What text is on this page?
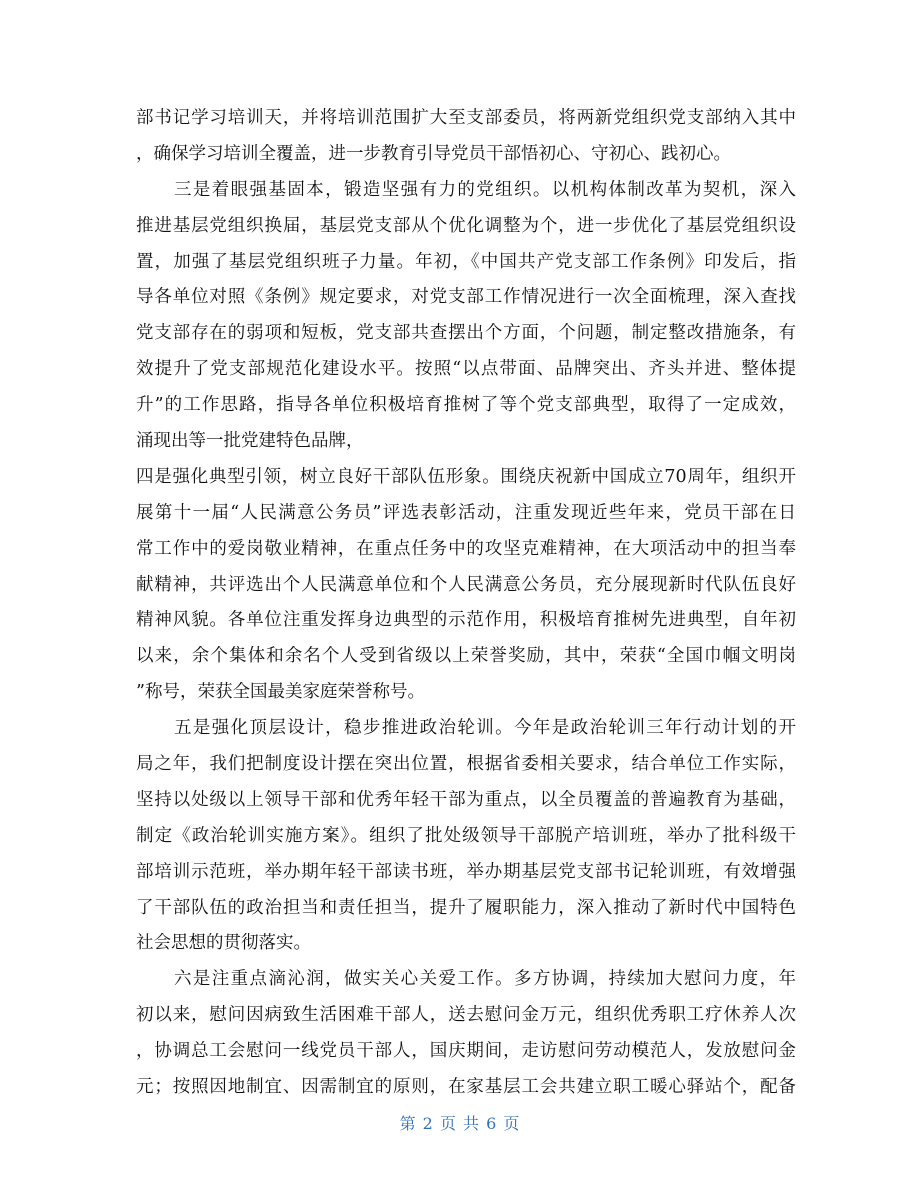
部书记学习培训天，并将培训范围扩大至支部委员，将两新党组织党支部纳入其中
，确保学习培训全覆盖，进一步教育引导党员干部悟初心、守初心、践初心。
三是着眼强基固本，锻造坚强有力的党组织。以机构体制改革为契机，深入
推进基层党组织换届，基层党支部从个优化调整为个，进一步优化了基层党组织设
置，加强了基层党组织班子力量。年初，《中国共产党支部工作条例》印发后，指
导各单位对照《条例》规定要求，对党支部工作情况进行一次全面梳理，深入查找
党支部存在的弱项和短板，党支部共查摆出个方面，个问题，制定整改措施条，有
效提升了党支部规范化建设水平。按照“以点带面、品牌突出、齐头并进、整体提
升”的工作思路，指导各单位积极培育推树了等个党支部典型，取得了一定成效，
涌现出等一批党建特色品牌，
四是强化典型引领，树立良好干部队伍形象。围绕庆祝新中国成立70周年，组织开
展第十一届“人民满意公务员”评选表彰活动，注重发现近些年来，党员干部在日
常工作中的爱岗敬业精神，在重点任务中的攻坚克难精神，在大项活动中的担当奉
献精神，共评选出个人民满意单位和个人民满意公务员，充分展现新时代队伍良好
精神风貌。各单位注重发挥身边典型的示范作用，积极培育推树先进典型，自年初
以来，余个集体和余名个人受到省级以上荣誉奖励，其中，荣获“全国巾帼文明岗
”称号，荣获全国最美家庭荣誉称号。
五是强化顶层设计，稳步推进政治轮训。今年是政治轮训三年行动计划的开
局之年，我们把制度设计摆在突出位置，根据省委相关要求，结合单位工作实际，
坚持以处级以上领导干部和优秀年轻干部为重点，以全员覆盖的普遍教育为基础，
制定《政治轮训实施方案》。组织了批处级领导干部脱产培训班，举办了批科级干
部培训示范班，举办期年轻干部读书班，举办期基层党支部书记轮训班，有效增强
了干部队伍的政治担当和责任担当，提升了履职能力，深入推动了新时代中国特色
社会思想的贯彻落实。
六是注重点滴沁润，做实关心关爱工作。多方协调，持续加大慰问力度，年
初以来，慰问因病致生活困难干部人，送去慰问金万元，组织优秀职工疗休养人次
，协调总工会慰问一线党员干部人，国庆期间，走访慰问劳动模范人，发放慰问金
元；按照因地制宜、因需制宜的原则，在家基层工会共建立职工暖心驿站个，配备
第 2 页 共 6 页
